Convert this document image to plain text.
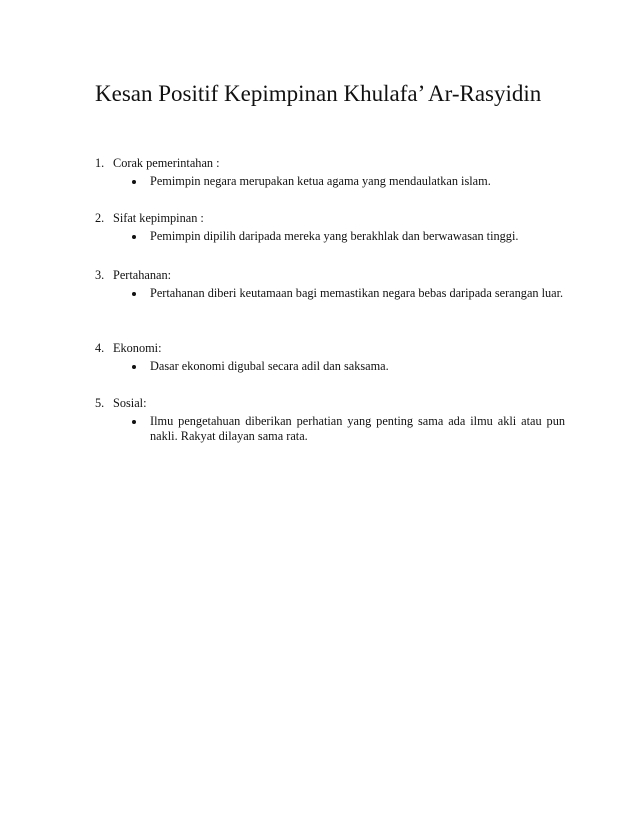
Kesan Positif Kepimpinan Khulafa’ Ar-Rasyidin
1. Corak pemerintahan :
Pemimpin negara merupakan ketua agama yang mendaulatkan islam.
2. Sifat kepimpinan :
Pemimpin dipilih daripada mereka yang berakhlak dan berwawasan tinggi.
3. Pertahanan:
Pertahanan diberi keutamaan bagi memastikan negara bebas daripada serangan luar.
4. Ekonomi:
Dasar ekonomi digubal secara adil dan saksama.
5. Sosial:
Ilmu pengetahuan diberikan perhatian yang penting sama ada ilmu akli atau pun nakli. Rakyat dilayan sama rata.
